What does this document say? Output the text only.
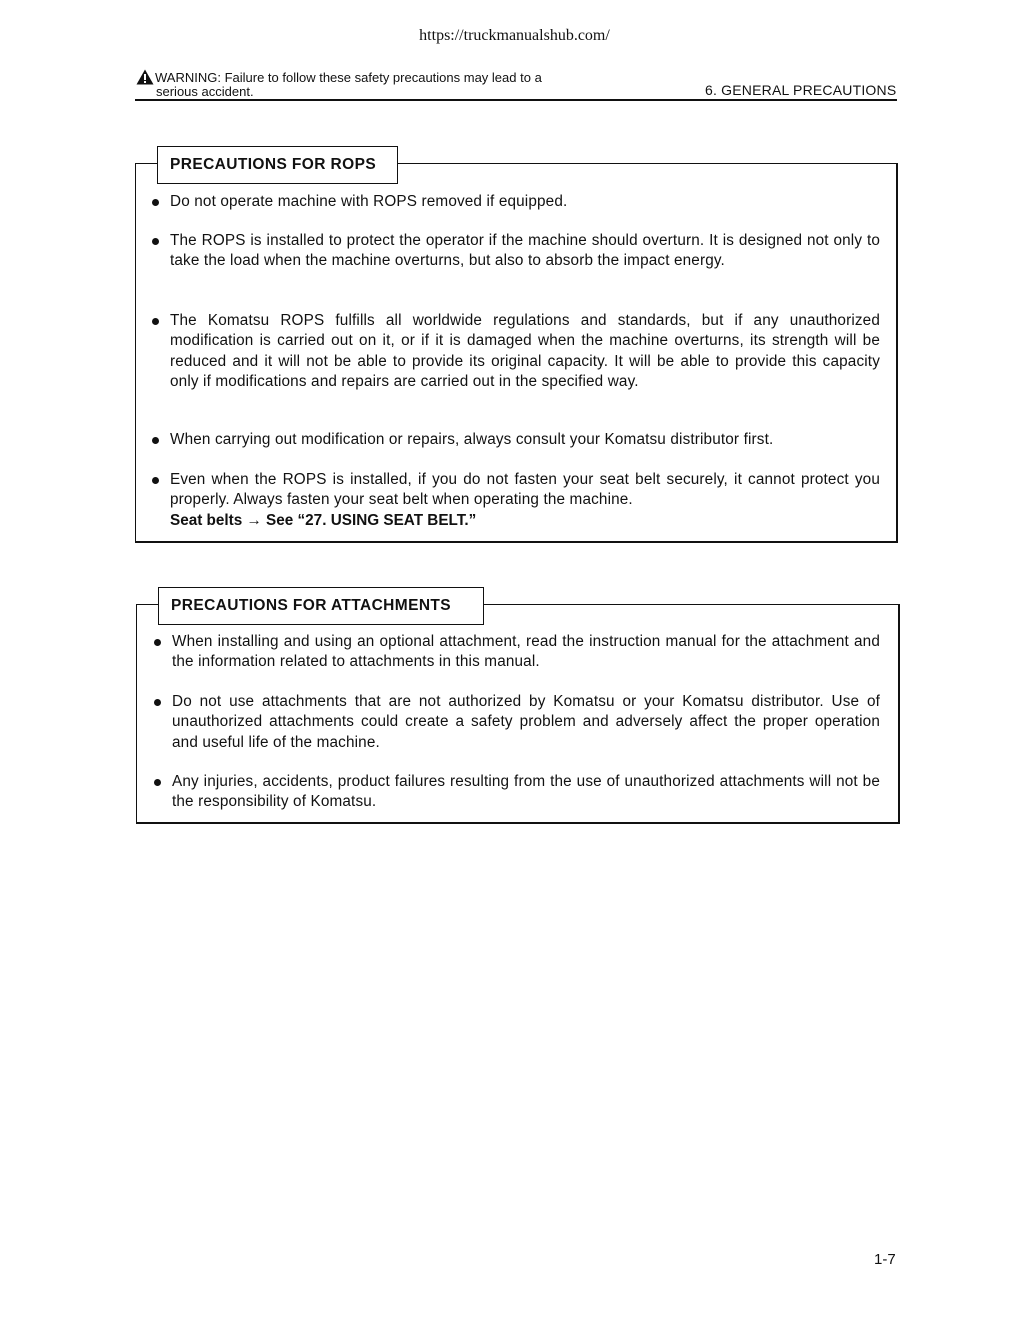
https://truckmanualshub.com/
WARNING: Failure to follow these safety precautions may lead to a
serious accident.	6. GENERAL PRECAUTIONS
PRECAUTIONS FOR ROPS
Do not operate machine with ROPS removed if equipped.
The ROPS is installed to protect the operator if the machine should overturn. It is designed not only to take the load when the machine overturns, but also to absorb the impact energy.
The Komatsu ROPS fulfills all worldwide regulations and standards, but if any unauthorized modification is carried out on it, or if it is damaged when the machine overturns, its strength will be reduced and it will not be able to provide its original capacity. It will be able to provide this capacity only if modifications and repairs are carried out in the specified way.
When carrying out modification or repairs, always consult your Komatsu distributor first.
Even when the ROPS is installed, if you do not fasten your seat belt securely, it cannot protect you properly. Always fasten your seat belt when operating the machine.
Seat belts → See “27. USING SEAT BELT.”
PRECAUTIONS FOR ATTACHMENTS
When installing and using an optional attachment, read the instruction manual for the attachment and the information related to attachments in this manual.
Do not use attachments that are not authorized by Komatsu or your Komatsu distributor. Use of unauthorized attachments could create a safety problem and adversely affect the proper operation and useful life of the machine.
Any injuries, accidents, product failures resulting from the use of unauthorized attachments will not be the responsibility of Komatsu.
1-7
